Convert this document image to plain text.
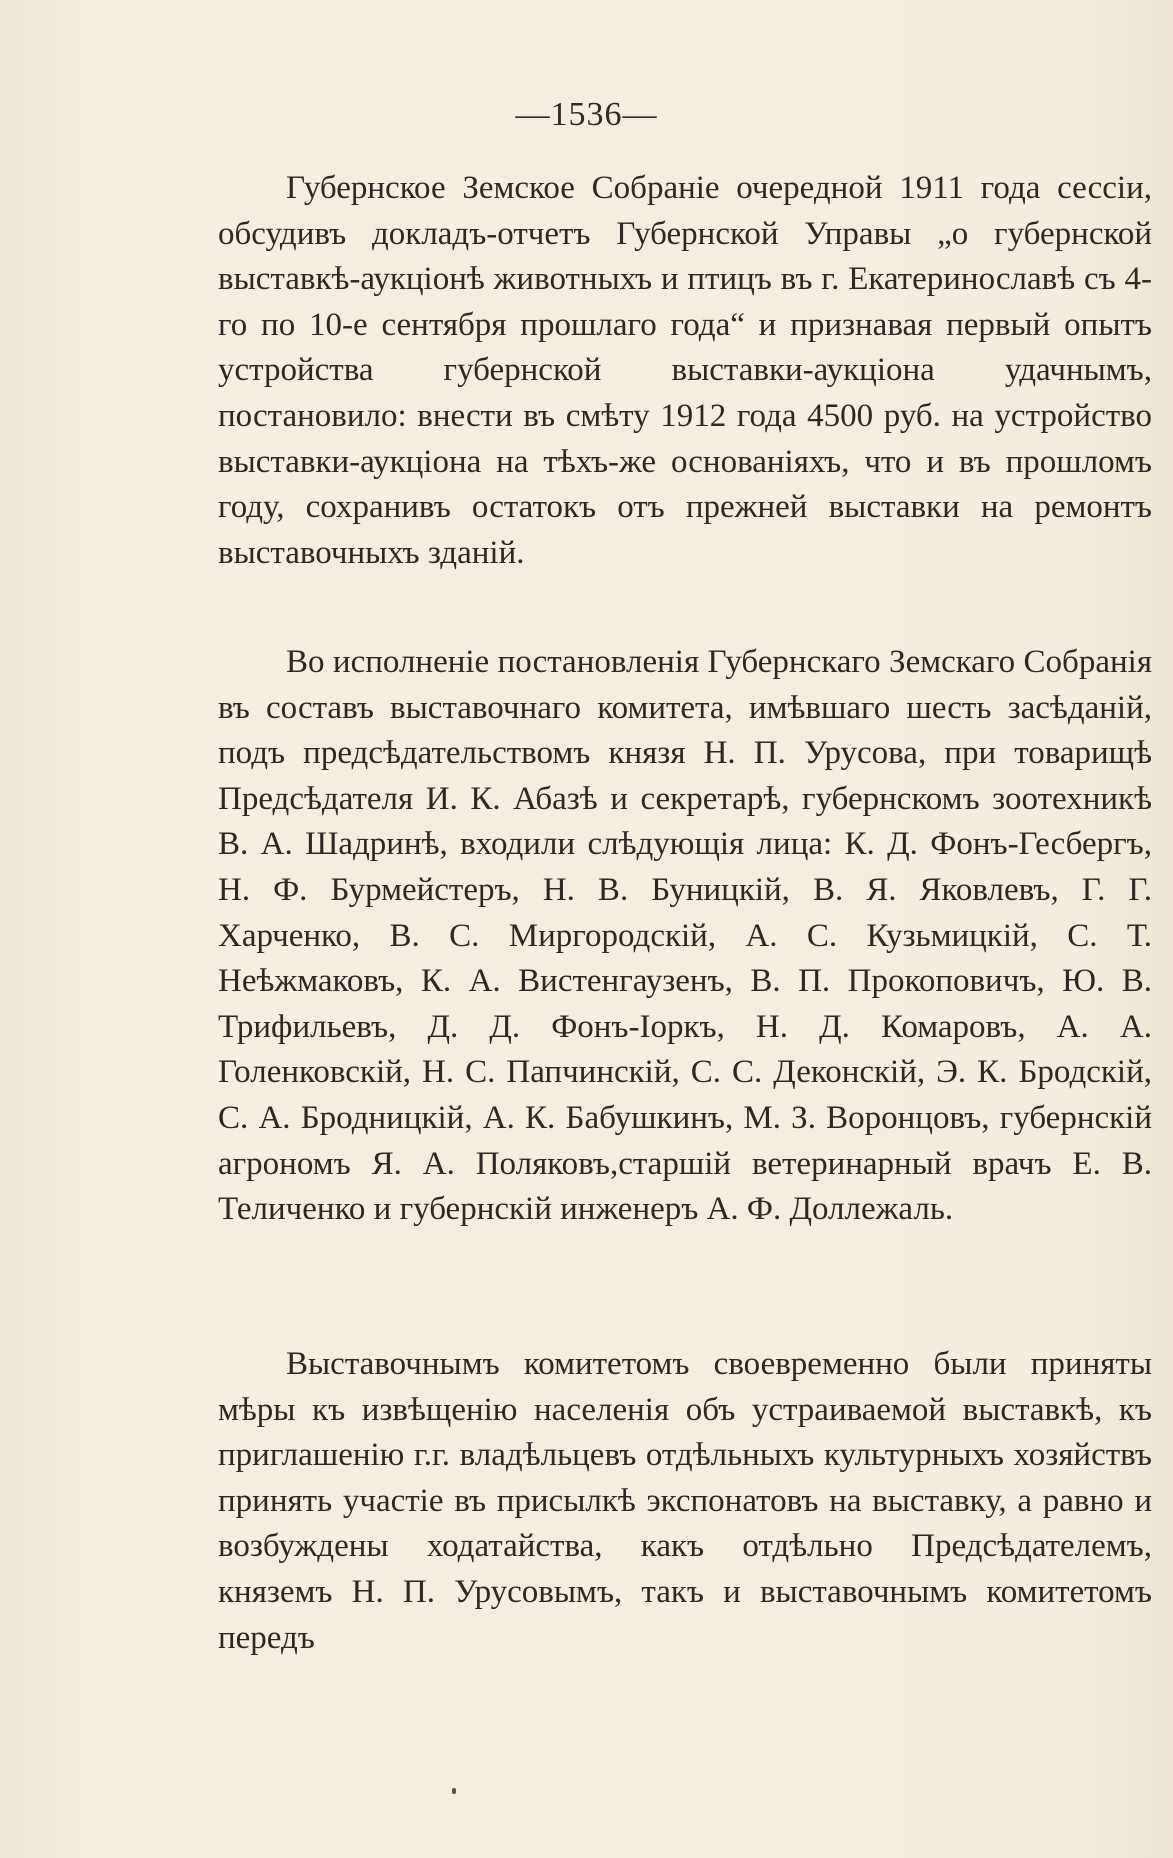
—1536—

Губернское Земское Собраніе очередной 1911 года сессіи, обсудивъ докладъ-отчетъ Губернской Управы „о губернской выставкѣ-аукціонѣ животныхъ и птицъ въ г. Екатеринославѣ съ 4-го по 10-е сентября прошлаго года“ и признавая первый опытъ устройства губернской выставки-аукціона удачнымъ, постановило: внести въ смѣту 1912 года 4500 руб. на устройство выставки-аукціона на тѣхъ-же основаніяхъ, что и въ прошломъ году, сохранивъ остатокъ отъ прежней выставки на ремонтъ выставочныхъ зданій.

Во исполненіе постановленія Губернскаго Земскаго Собранія въ составъ выставочнаго комитета, имѣвшаго шесть засѣданій, подъ предсѣдательствомъ князя Н. П. Урусова, при товарищѣ Предсѣдателя И. К. Абазѣ и секретарѣ, губернскомъ зоотехникѣ В. А. Шадринѣ, входили слѣдующія лица: К. Д. Фонъ-Гесбергъ, Н. Ф. Бурмейстеръ, Н. В. Буницкій, В. Я. Яковлевъ, Г. Г. Харченко, В. С. Миргородскій, А. С. Кузьмицкій, С. Т. Неѣжмаковъ, К. А. Вистенгаузенъ, В. П. Прокоповичъ, Ю. В. Трифильевъ, Д. Д. Фонъ-Іоркъ, Н. Д. Комаровъ, А. А. Голенковскій, Н. С. Папчинскій, С. С. Деконскій, Э. К. Бродскій, С. А. Бродницкій, А. К. Бабушкинъ, М. З. Воронцовъ, губернскій агрономъ Я. А. Поляковъ,старшій ветеринарный врачъ Е. В. Теличенко и губернскій инженеръ А. Ф. Доллежаль.

Выставочнымъ комитетомъ своевременно были приняты мѣры къ извѣщенію населенія объ устраиваемой выставкѣ, къ приглашенію г.г. владѣльцевъ отдѣльныхъ культурныхъ хозяйствъ принять участіе въ присылкѣ экспонатовъ на выставку, а равно и возбуждены ходатайства, какъ отдѣльно Предсѣдателемъ, княземъ Н. П. Урусовымъ, такъ и выставочнымъ комитетомъ передъ
